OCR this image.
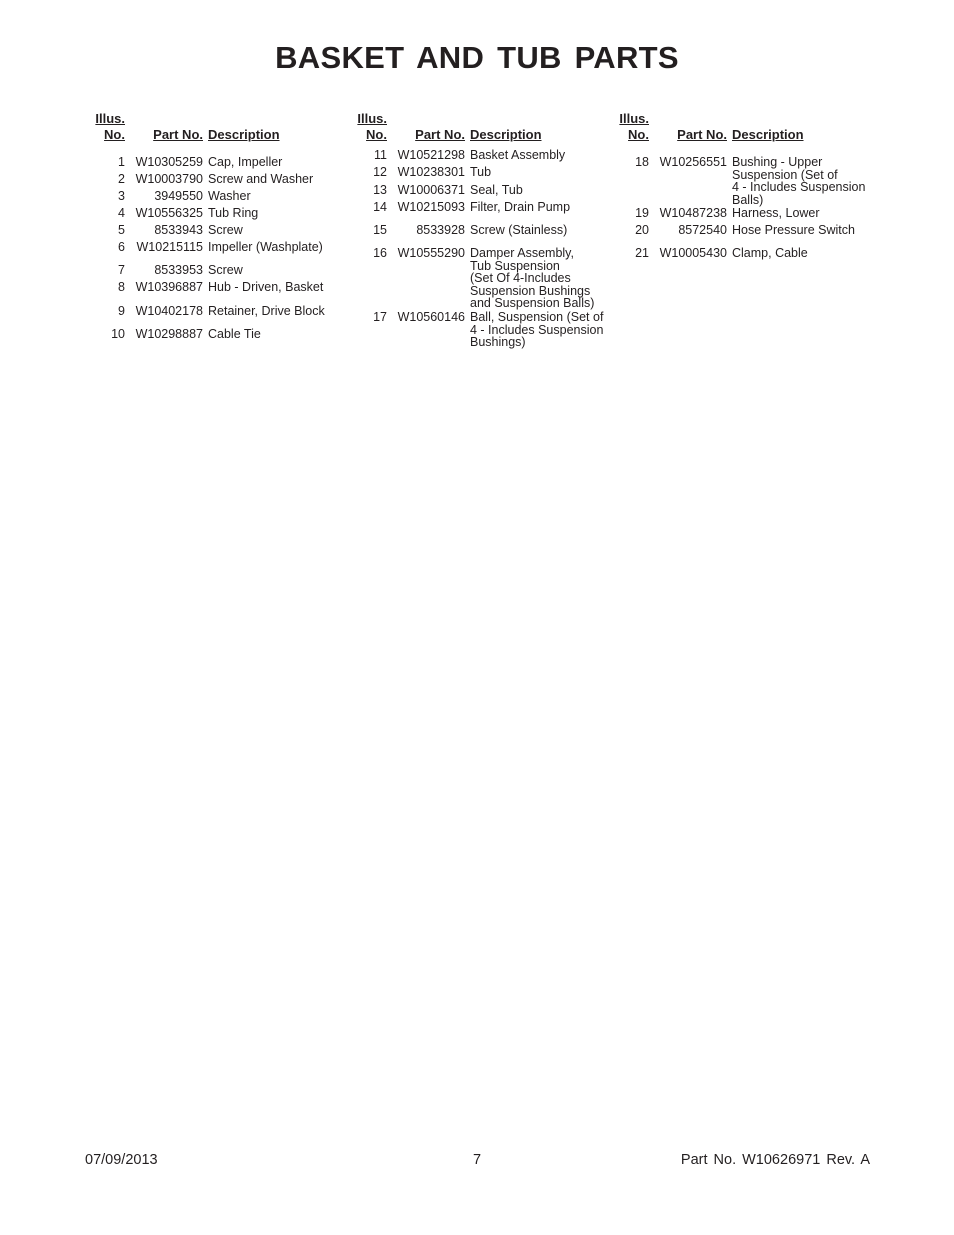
BASKET AND TUB PARTS
Illus.
No.	Part No. Description
1 W10305259 Cap, Impeller
2 W10003790 Screw and Washer
3	3949550 Washer
4 W10556325 Tub Ring
5	8533943 Screw
6 W10215115 Impeller (Washplate)
7	8533953 Screw
8 W10396887 Hub - Driven, Basket
9 W10402178 Retainer, Drive Block
10 W10298887 Cable Tie
Illus.
No.	Part No. Description
11 W10521298 Basket Assembly
12 W10238301 Tub
13 W10006371 Seal, Tub
14 W10215093 Filter, Drain Pump
15	8533928 Screw (Stainless)
16 W10555290 Damper Assembly,
Tub Suspension
(Set Of 4-Includes
Suspension Bushings
and Suspension Balls)
17 W10560146 Ball, Suspension (Set of
4 - Includes Suspension
Bushings)
Illus.
No.	Part No. Description
18 W10256551 Bushing - Upper
Suspension (Set of
4 - Includes Suspension
Balls)
19 W10487238 Harness, Lower
20	8572540 Hose Pressure Switch
21 W10005430 Clamp, Cable
07/09/2013	7	Part No. W10626971 Rev. A
